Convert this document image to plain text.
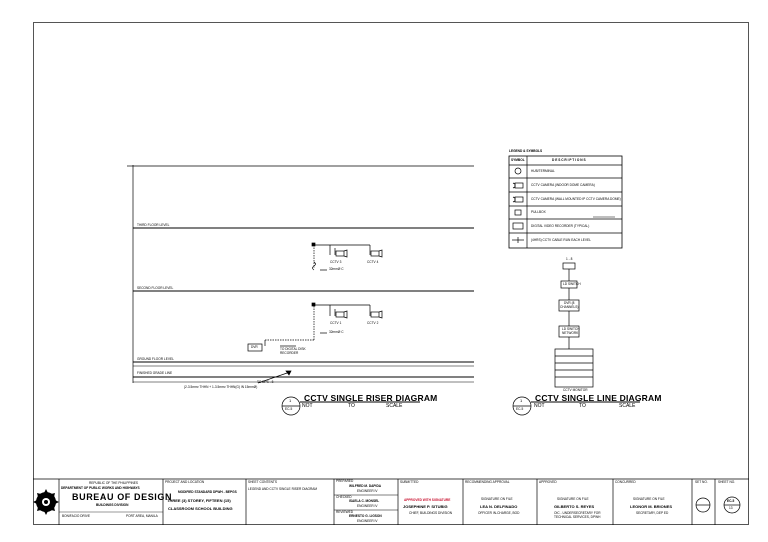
THIRD FLOOR LEVEL
SECOND FLOOR LEVEL
GROUND FLOOR LEVEL
FINISHED GRADE LINE
CCTV 3	CCTV 4
32mmØ C
CCTV 1	CCTV 2
32mmØ C
DVR	TO DIGITAL DISK
RECORDER
TO DPS - 8
(2-3.5mm² THHN + 1-3.5mm² THHN(G) IN 15mmØ)
1
EC-5
CCTV SINGLE RISER DIAGRAM
NOT	TO	SCALE
LEGEND & SYMBOLS
SYMBOL	D E S C R I P T I O N S
HUB/TERMINAL
CCTV CAMERA (INDOOR DOME CAMERA)
CCTV CAMERA (WALL MOUNTED IP CCTV CAMERA DOME)
PULLBOX
DIGITAL VIDEO RECORDER (TYPICAL)
(4HRS) CCTV CABLE RUN EACH LEVEL
1 - 8
LD SWITCH
DVR (8
CHANNELS)
LD SWITCH
NETWORK
CCTV MONITOR
1
EC-5
CCTV SINGLE LINE DIAGRAM
NOT	TO	SCALE
REPUBLIC OF THE PHILIPPINES
DEPARTMENT OF PUBLIC WORKS AND HIGHWAYS
BUREAU OF DESIGN
BUILDINGS DIVISION
BONIFACIO DRIVE	PORT AREA, MANILA
PROJECT AND LOCATION
MODIFIED STANDARD DPWH - BEPGS
THREE (3) STOREY, FIFTEEN (15)
CLASSROOM SCHOOL BUILDING
SHEET CONTENTS
LEGEND AND CCTV SINGLE RISER DIAGRAM
PREPARED
WILFRED M. DAPIDA
ENGINEER IV
CHECKED
ISAELA C. MONSEL
ENGINEER IV
REVIEWED
ERNESTO G. LIGSON
ENGINEER IV
SUBMITTED
APPROVED WITH SIGNATURE
JOSEPHINE P. SITUBIG
CHIEF, BUILDINGS DIVISION
RECOMMENDING APPROVAL
SIGNATURE ON FILE
LEA N. DELFINADO
OFFICER IN-CHARGE, BOD
APPROVED
SIGNATURE ON FILE
GILBERTO S. REYES
OIC - UNDERSECRETARY FOR
TECHNICAL SERVICES, DPWH
CONCURRED
SIGNATURE ON FILE
LEONOR M. BRIONES
SECRETARY, DEP ED
SET NO.	SHEET NO.
EC-5
13
